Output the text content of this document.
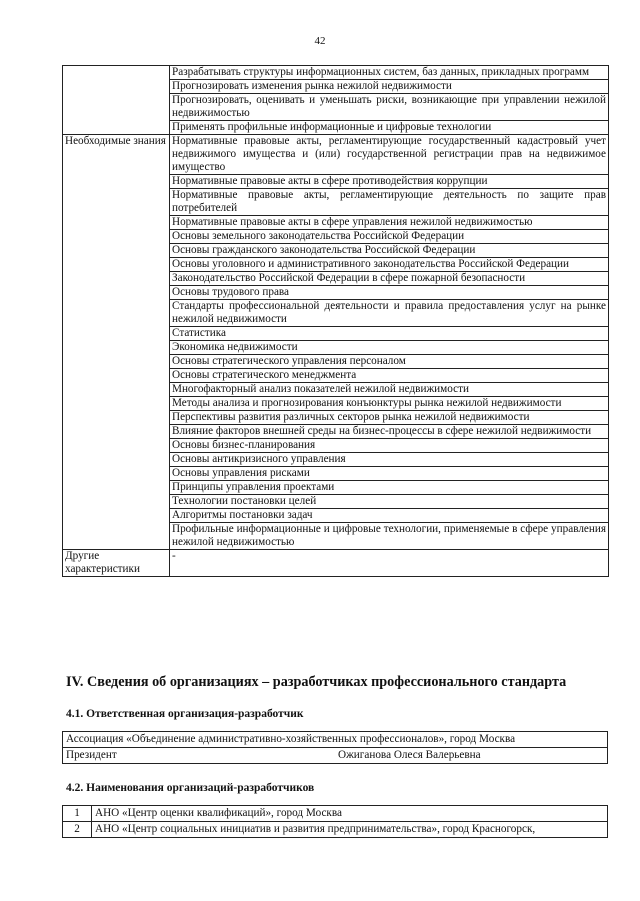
42
	Разрабатывать структуры информационных систем, баз данных, прикладных программ
	Прогнозировать изменения рынка нежилой недвижимости
	Прогнозировать, оценивать и уменьшать риски, возникающие при управлении нежилой недвижимостью
	Применять профильные информационные и цифровые технологии
Необходимые знания	Нормативные правовые акты, регламентирующие государственный кадастровый учет недвижимого имущества и (или) государственной регистрации прав на недвижимое имущество
	Нормативные правовые акты в сфере противодействия коррупции
	Нормативные правовые акты, регламентирующие деятельность по защите прав потребителей
	Нормативные правовые акты в сфере управления нежилой недвижимостью
	Основы земельного законодательства Российской Федерации
	Основы гражданского законодательства Российской Федерации
	Основы уголовного и административного законодательства Российской Федерации
	Законодательство Российской Федерации в сфере пожарной безопасности
	Основы трудового права
	Стандарты профессиональной деятельности и правила предоставления услуг на рынке нежилой недвижимости
	Статистика
	Экономика недвижимости
	Основы стратегического управления персоналом
	Основы стратегического менеджмента
	Многофакторный анализ показателей нежилой недвижимости
	Методы анализа и прогнозирования конъюнктуры рынка нежилой недвижимости
	Перспективы развития различных секторов рынка нежилой недвижимости
	Влияние факторов внешней среды на бизнес-процессы в сфере нежилой недвижимости
	Основы бизнес-планирования
	Основы антикризисного управления
	Основы управления рисками
	Принципы управления проектами
	Технологии постановки целей
	Алгоритмы постановки задач
	Профильные информационные и цифровые технологии, применяемые в сфере управления нежилой недвижимостью
Другие характеристики	-
IV. Сведения об организациях – разработчиках профессионального стандарта
4.1. Ответственная организация-разработчик
Ассоциация «Объединение административно-хозяйственных профессионалов», город Москва
Президент	Ожиганова Олеся Валерьевна
4.2. Наименования организаций-разработчиков
1	АНО «Центр оценки квалификаций», город Москва
2	АНО «Центр социальных инициатив и развития предпринимательства», город Красногорск,
